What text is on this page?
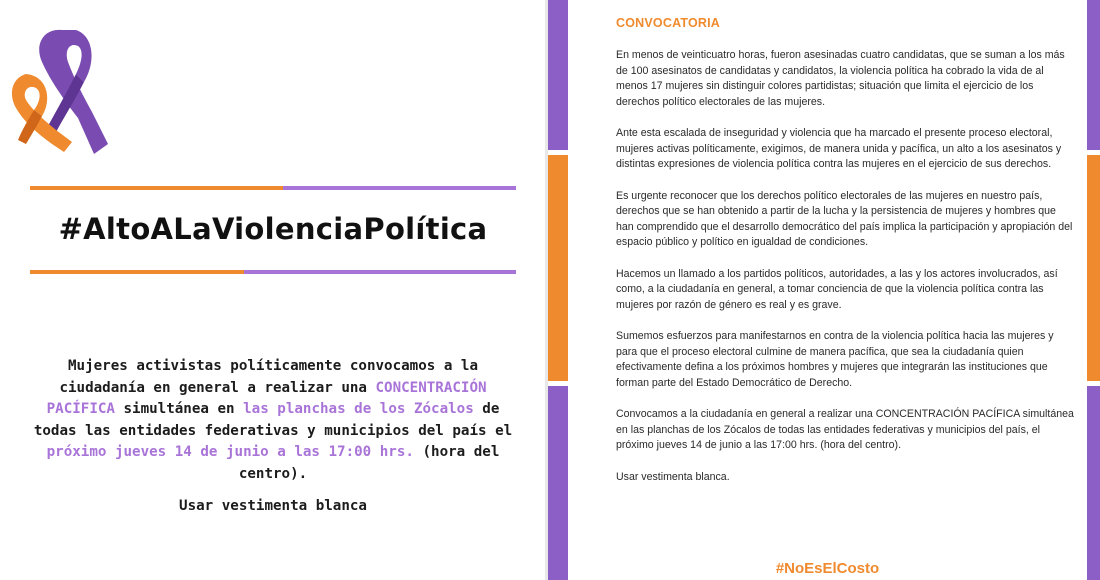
#AltoALaViolenciaPolítica
Mujeres activistas políticamente convocamos a la ciudadanía en general a realizar una CONCENTRACIÓN PACÍFICA simultánea en las planchas de los Zócalos de todas las entidades federativas y municipios del país el próximo jueves 14 de junio a las 17:00 hrs. (hora del centro).
Usar vestimenta blanca
CONVOCATORIA

En menos de veinticuatro horas, fueron asesinadas cuatro candidatas, que se suman a los más de 100 asesinatos de candidatas y candidatos, la violencia política ha cobrado la vida de al menos 17 mujeres sin distinguir colores partidistas; situación que limita el ejercicio de los derechos político electorales de las mujeres.

Ante esta escalada de inseguridad y violencia que ha marcado el presente proceso electoral, mujeres activas políticamente, exigimos, de manera unida y pacífica, un alto a los asesinatos y distintas expresiones de violencia política contra las mujeres en el ejercicio de sus derechos.

Es urgente reconocer que los derechos político electorales de las mujeres en nuestro país, derechos que se han obtenido a partir de la lucha y la persistencia de mujeres y hombres que han comprendido que el desarrollo democrático del país implica la participación y apropiación del espacio público y político en igualdad de condiciones.

Hacemos un llamado a los partidos políticos, autoridades, a las y los actores involucrados, así como, a la ciudadanía en general, a tomar conciencia de que la violencia política contra las mujeres por razón de género es real y es grave.

Sumemos esfuerzos para manifestarnos en contra de la violencia política hacia las mujeres y para que el proceso electoral culmine de manera pacífica, que sea la ciudadanía quien efectivamente defina a los próximos hombres y mujeres que integrarán las instituciones que forman parte del Estado Democrático de Derecho.

Convocamos a la ciudadanía en general a realizar una CONCENTRACIÓN PACÍFICA simultánea en las planchas de los Zócalos de todas las entidades federativas y municipios del país, el próximo jueves 14 de junio a las 17:00 hrs. (hora del centro).

Usar vestimenta blanca.

#NoEsElCosto
